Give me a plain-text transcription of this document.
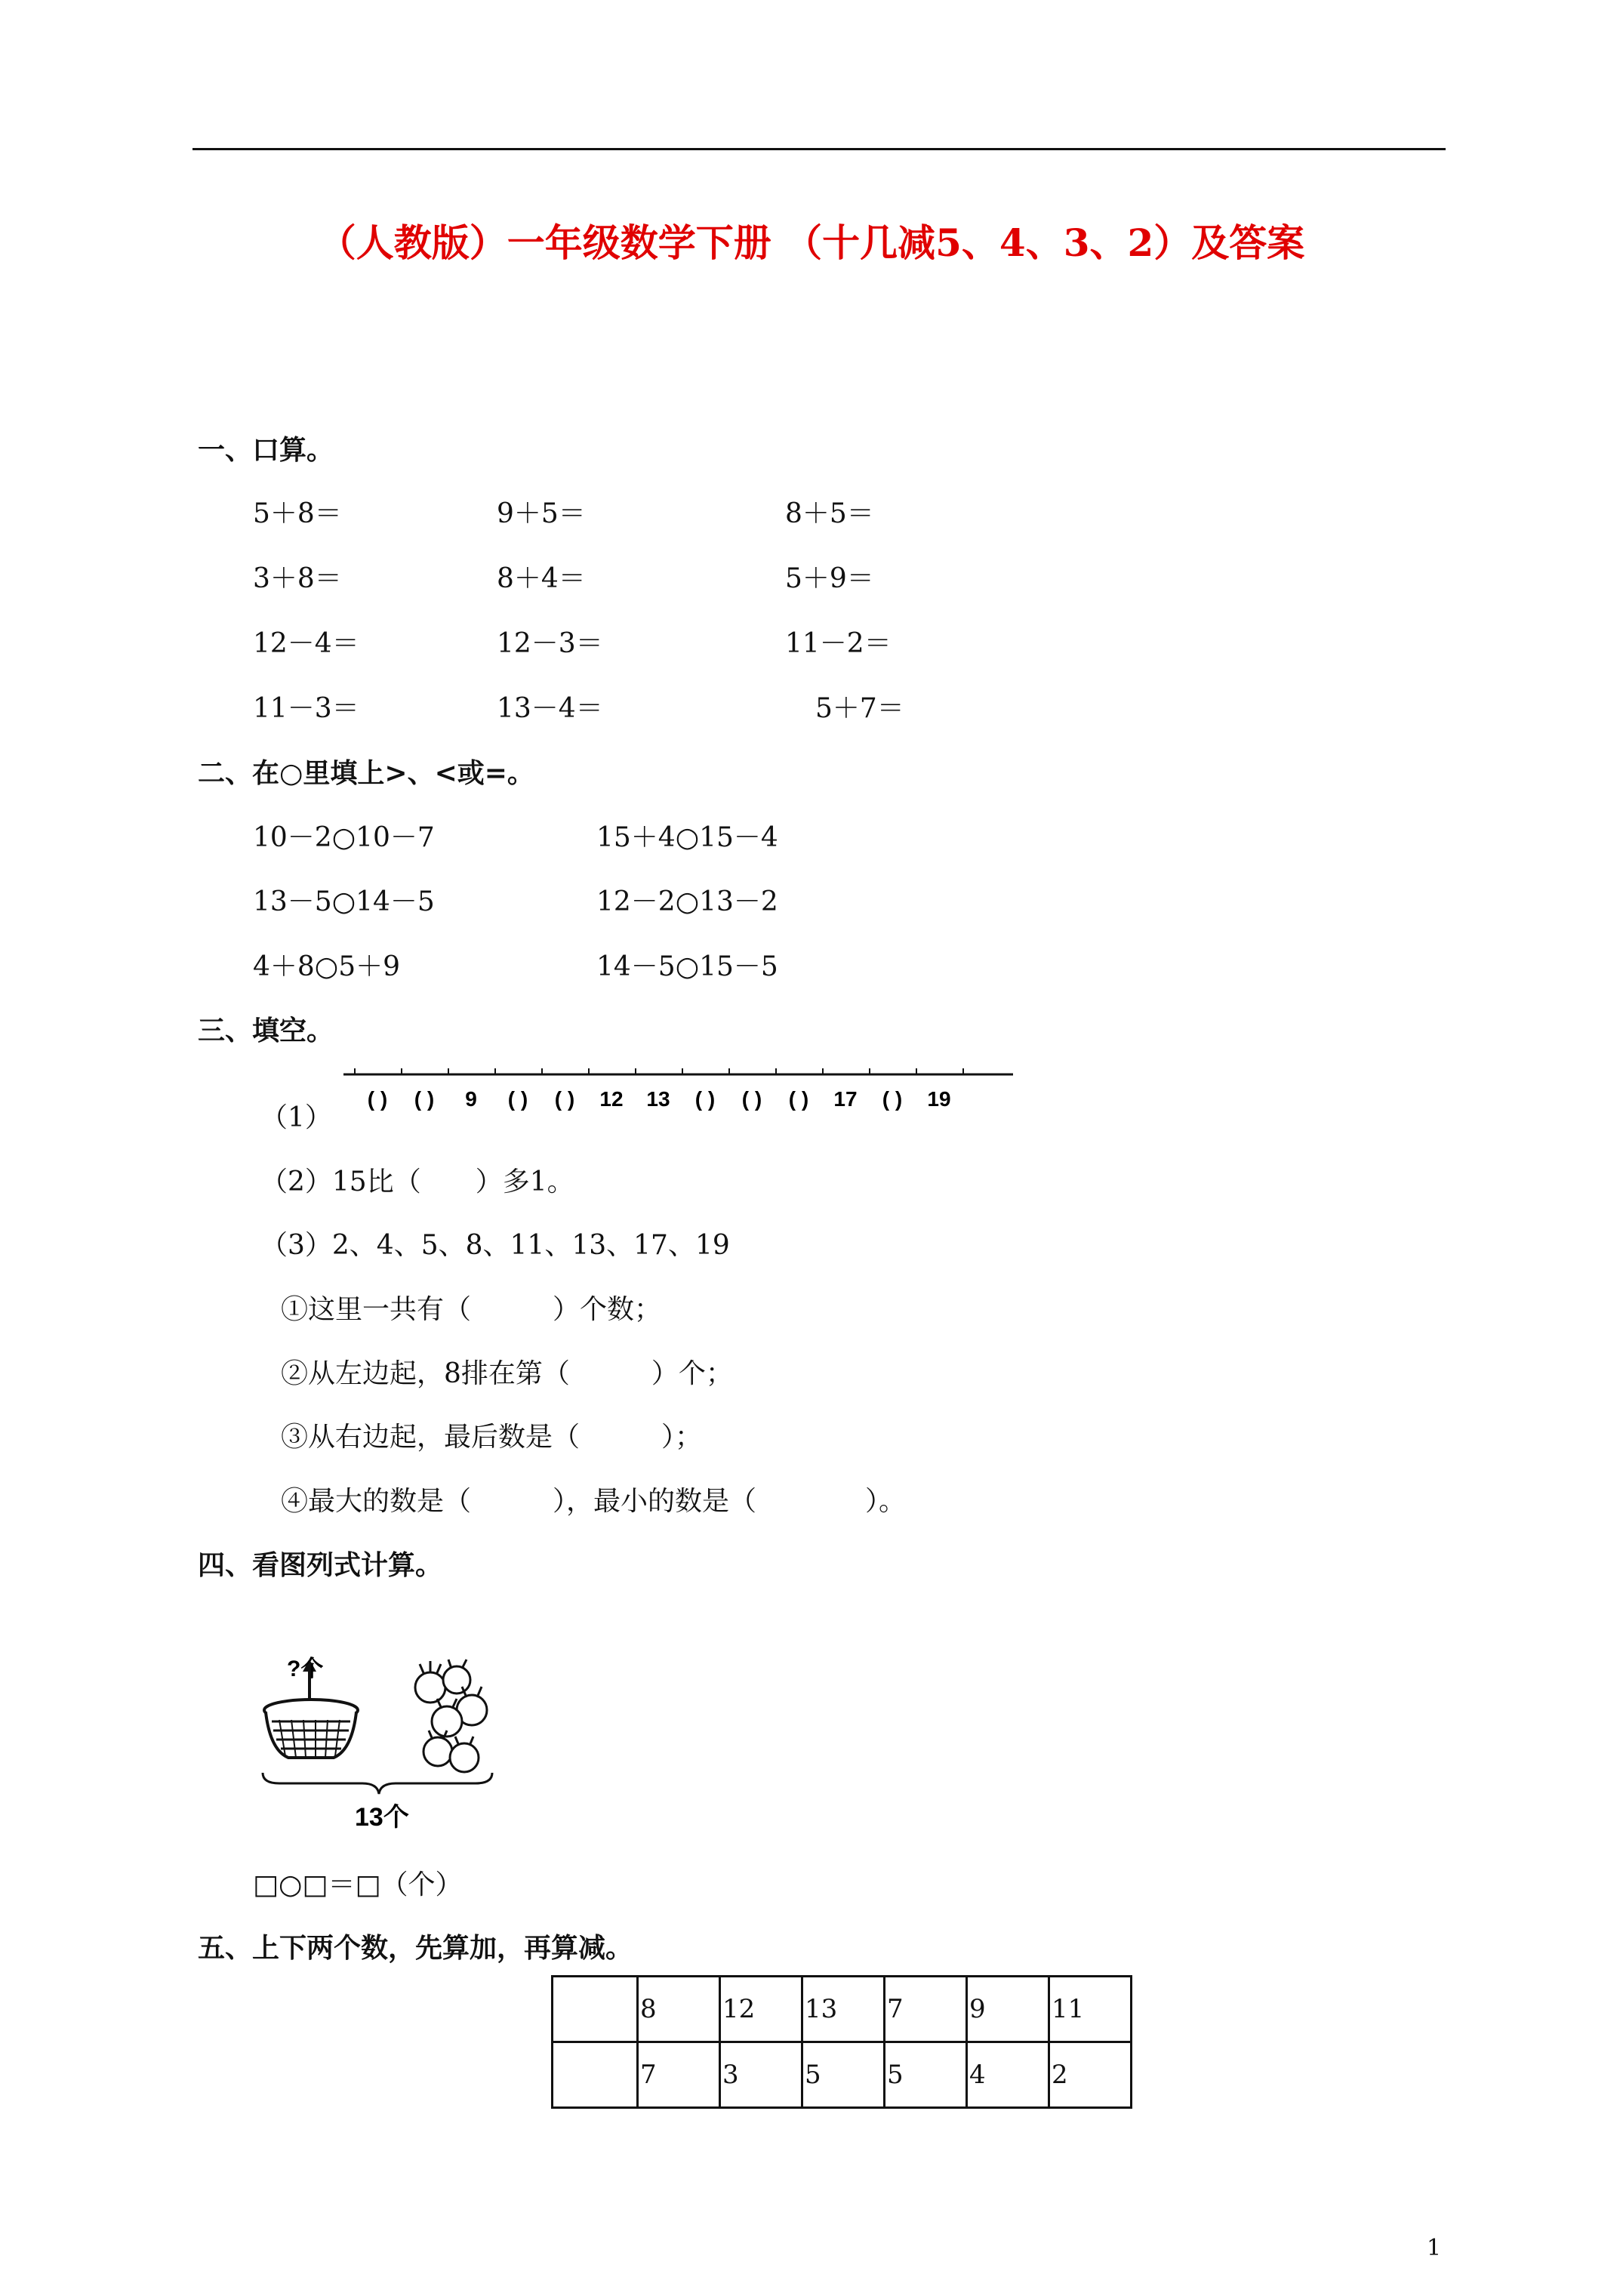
（人教版）一年级数学下册 （十几减5、4、3、2）及答案
一、口算。
5＋8＝	9＋5＝	8＋5＝
3＋8＝	8＋4＝	5＋9＝
12－4＝	12－3＝	11－2＝
11－3＝	13－4＝	5＋7＝
二、在○里填上>、<或=。
10－2○10－7	15＋4○15－4
13－5○14－5	12－2○13－2
4＋8○5＋9	14－5○15－5
三、填空。
（1）
( ) ( ) 9 ( ) ( ) 12 13 ( ) ( ) ( ) 17 ( ) 19
（2）15比（　　）多1。
（3）2、4、5、8、11、13、17、19
①这里一共有（　　　）个数；
②从左边起，8排在第（　　　）个；
③从右边起，最后数是（　　　）；
④最大的数是（　　　），最小的数是（　　　　）。
四、看图列式计算。
?个
13个
□○□＝□（个）
五、上下两个数，先算加，再算减。
	8	12	13	7	9	11
	7	3	5	5	4	2
1
